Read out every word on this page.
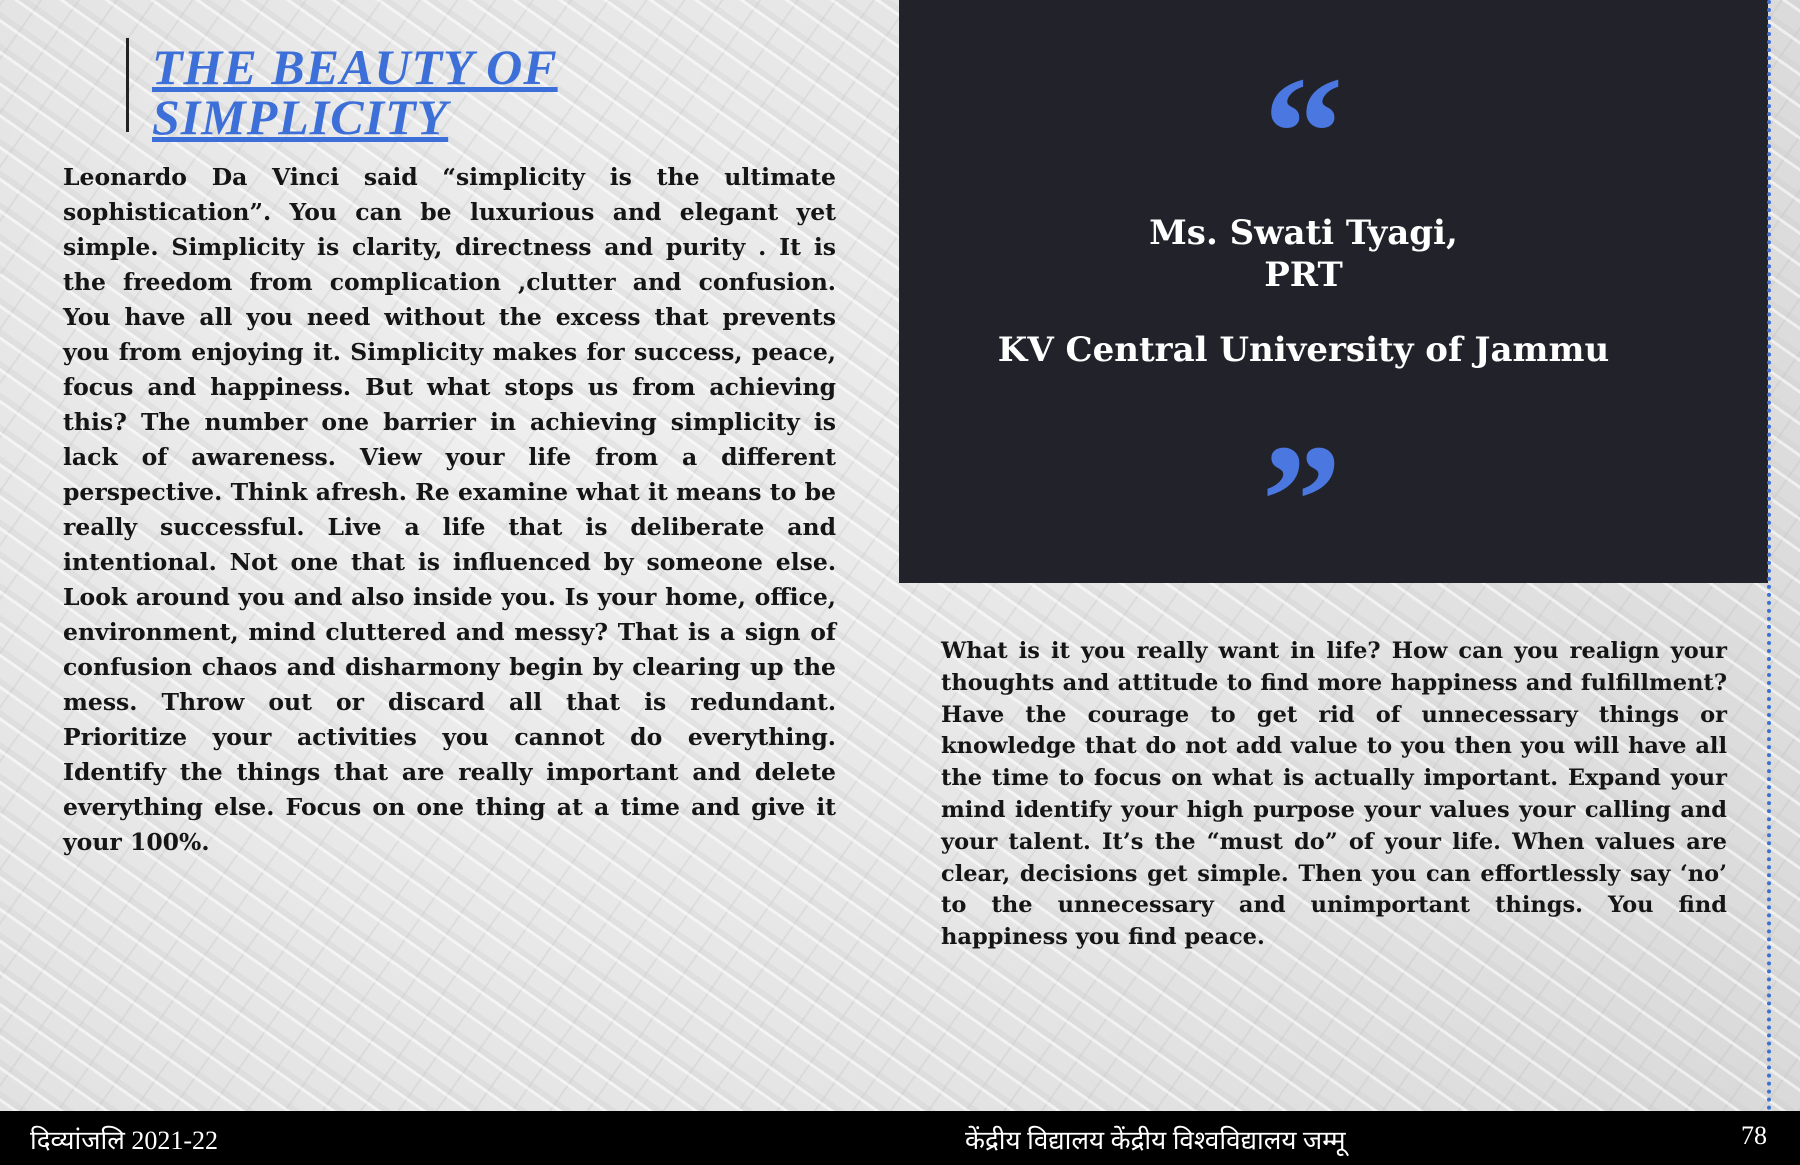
THE BEAUTY OF SIMPLICITY

Leonardo Da Vinci said “simplicity is the ultimate sophistication”. You can be luxurious and elegant yet simple. Simplicity is clarity, directness and purity . It is the freedom from complication ,clutter and confusion. You have all you need without the excess that prevents you from enjoying it. Simplicity makes for success, peace, focus and happiness. But what stops us from achieving this? The number one barrier in achieving simplicity is lack of awareness. View your life from a different perspective. Think afresh. Re examine what it means to be really successful. Live a life that is deliberate and intentional. Not one that is influenced by someone else. Look around you and also inside you. Is your home, office, environment, mind cluttered and messy? That is a sign of confusion chaos and disharmony begin by clearing up the mess. Throw out or discard all that is redundant. Prioritize your activities you cannot do everything. Identify the things that are really important and delete everything else. Focus on one thing at a time and give it your 100%.

“
Ms. Swati Tyagi,
PRT
KV Central University of Jammu
”

What is it you really want in life? How can you realign your thoughts and attitude to find more happiness and fulfillment? Have the courage to get rid of unnecessary things or knowledge that do not add value to you then you will have all the time to focus on what is actually important. Expand your mind identify your high purpose your values your calling and your talent. It’s the “must do” of your life. When values are clear, decisions get simple. Then you can effortlessly say ‘no’ to the unnecessary and unimportant things. You find happiness you find peace.

दिव्यांजलि 2021-22	केंद्रीय विद्यालय केंद्रीय विश्वविद्यालय जम्मू	78
